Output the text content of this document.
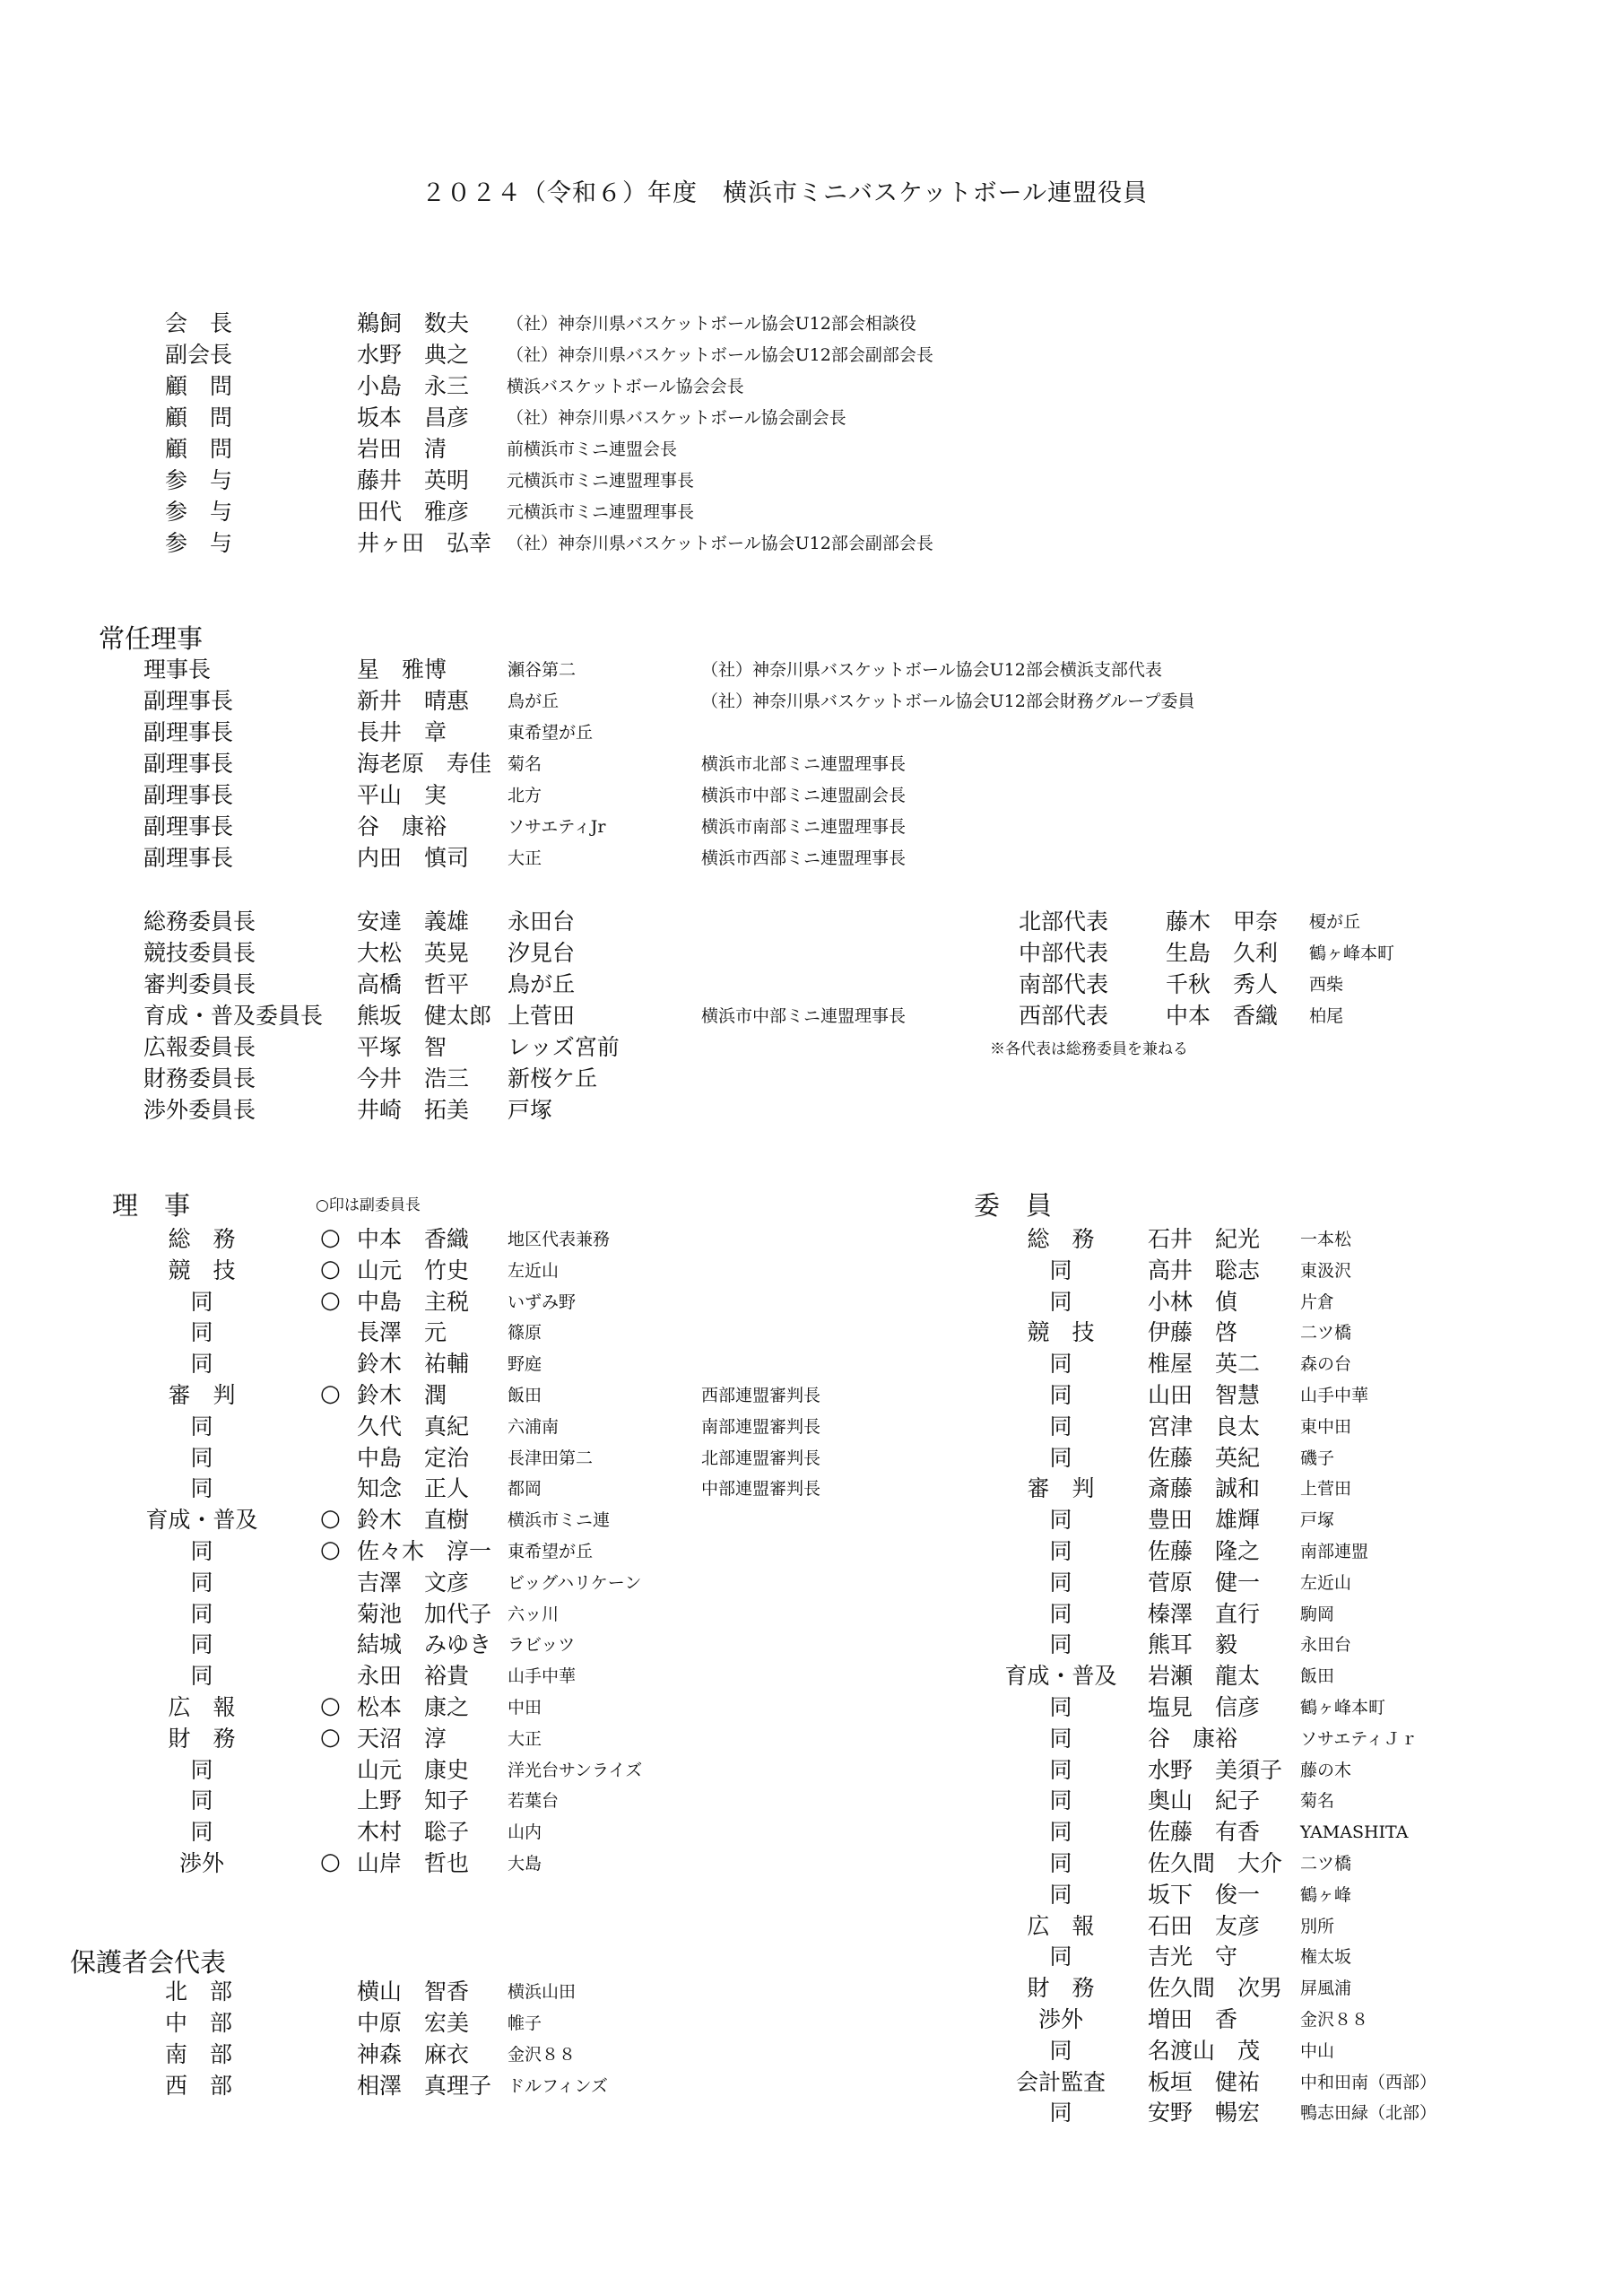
２０２４（令和６）年度　横浜市ミニバスケットボール連盟役員
会　長	鵜飼　数夫 （社）神奈川県バスケットボール協会U12部会相談役
副会長	水野　典之 （社）神奈川県バスケットボール協会U12部会副部会長
顧　問	小島　永三 横浜バスケットボール協会会長
顧　問	坂本　昌彦 （社）神奈川県バスケットボール協会副会長
顧　問	岩田　清	前横浜市ミニ連盟会長
参　与	藤井　英明 元横浜市ミニ連盟理事長
参　与	田代　雅彦 元横浜市ミニ連盟理事長
参　与	井ヶ田　弘幸 （社）神奈川県バスケットボール協会U12部会副部会長
常任理事
理事長	星　雅博	瀬谷第二	（社）神奈川県バスケットボール協会U12部会横浜支部代表
副理事長	新井　晴惠 鳥が丘	（社）神奈川県バスケットボール協会U12部会財務グループ委員
副理事長	長井　章	東希望が丘
副理事長	海老原　寿佳 菊名	横浜市北部ミニ連盟理事長
副理事長	平山　実	北方	横浜市中部ミニ連盟副会長
副理事長	谷　康裕	ソサエティJr	横浜市南部ミニ連盟理事長
副理事長	内田　慎司 大正	横浜市西部ミニ連盟理事長
総務委員長	安達　義雄 永田台
競技委員長	大松　英晃 汐見台
審判委員長	高橋　哲平 鳥が丘
育成・普及委員長 熊坂　健太郎 上菅田	横浜市中部ミニ連盟理事長
広報委員長	平塚　智	レッズ宮前
財務委員長	今井　浩三 新桜ケ丘
渉外委員長	井崎　拓美 戸塚
北部代表	藤木　甲奈 榎が丘
中部代表	生島　久利 鶴ヶ峰本町
南部代表	千秋　秀人 西柴
西部代表	中本　香織 柏尾
※各代表は総務委員を兼ねる
理　事	○印は副委員長
総　務	○ 中本　香織 地区代表兼務
競　技	○ 山元　竹史 左近山
同	○ 中島　主税 いずみ野
同	長澤　元	篠原
同	鈴木　祐輔 野庭
審　判	○ 鈴木　潤	飯田	西部連盟審判長
同	久代　真紀 六浦南	南部連盟審判長
同	中島　定治 長津田第二	北部連盟審判長
同	知念　正人 都岡	中部連盟審判長
育成・普及	○ 鈴木　直樹 横浜市ミニ連
同	○ 佐々木　淳一 東希望が丘
同	吉澤　文彦 ビッグハリケーン
同	菊池　加代子 六ッ川
同	結城　みゆき ラビッツ
同	永田　裕貴 山手中華
広　報	○ 松本　康之 中田
財　務	○ 天沼　淳	大正
同	山元　康史 洋光台サンライズ
同	上野　知子 若葉台
同	木村　聡子 山内
渉外	○ 山岸　哲也 大島
保護者会代表
北　部	横山　智香 横浜山田
中　部	中原　宏美 帷子
南　部	神森　麻衣 金沢８８
西　部	相澤　真理子 ドルフィンズ
委　員
総　務	石井　紀光 一本松
同	高井　聡志 東汲沢
同	小林　偵	片倉
競　技	伊藤　啓	二ツ橋
同	椎屋　英二 森の台
同	山田　智慧 山手中華
同	宮津　良太 東中田
同	佐藤　英紀 磯子
審　判	斎藤　誠和 上菅田
同	豊田　雄輝 戸塚
同	佐藤　隆之 南部連盟
同	菅原　健一 左近山
同	榛澤　直行 駒岡
同	熊耳　毅	永田台
育成・普及	岩瀬　龍太 飯田
同	塩見　信彦 鶴ヶ峰本町
同	谷　康裕	ソサエティＪｒ
同	水野　美須子 藤の木
同	奥山　紀子 菊名
同	佐藤　有香 YAMASHITA
同	佐久間　大介 二ツ橋
同	坂下　俊一 鶴ヶ峰
広　報	石田　友彦 別所
同	吉光　守	権太坂
財　務	佐久間　次男 屏風浦
渉外	増田　香	金沢８８
同	名渡山　茂 中山
会計監査	板垣　健祐 中和田南（西部）
同	安野　暢宏 鴨志田緑（北部）
